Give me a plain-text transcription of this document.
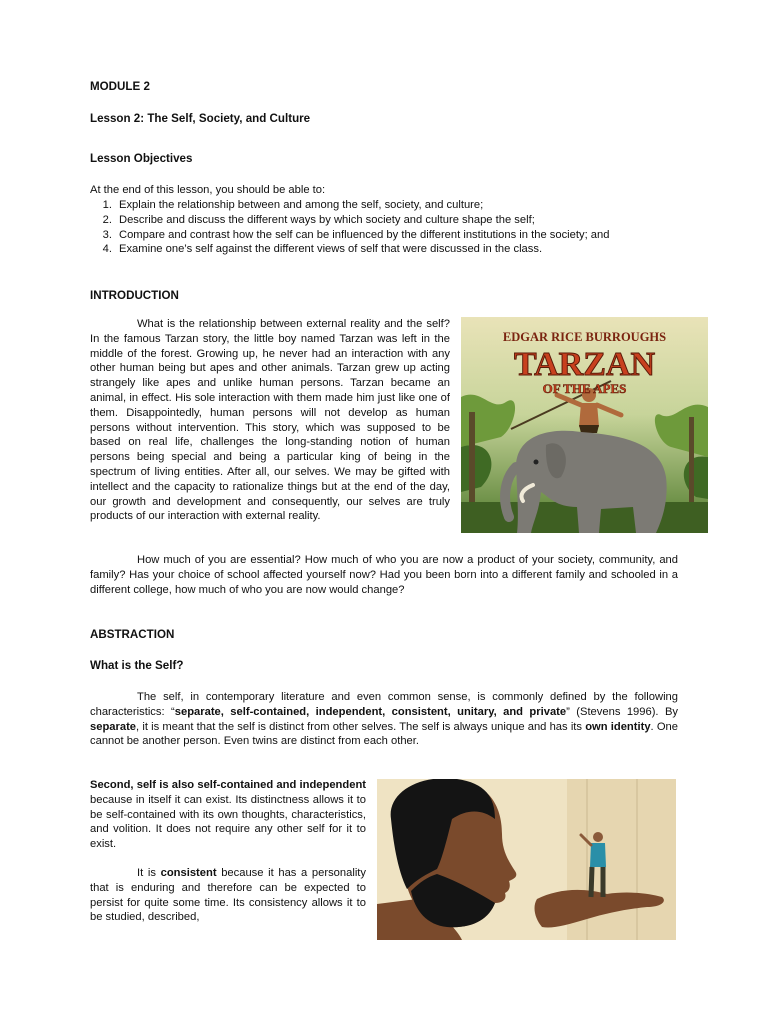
MODULE 2
Lesson 2: The Self, Society, and Culture
Lesson Objectives
At the end of this lesson, you should be able to:
1. Explain the relationship between and among the self, society, and culture;
2. Describe and discuss the different ways by which society and culture shape the self;
3. Compare and contrast how the self can be influenced by the different institutions in the society; and
4. Examine one’s self against the different views of self that were discussed in the class.
INTRODUCTION
What is the relationship between external reality and the self? In the famous Tarzan story, the little boy named Tarzan was left in the middle of the forest. Growing up, he never had an interaction with any other human being but apes and other animals. Tarzan grew up acting strangely like apes and unlike human persons. Tarzan became an animal, in effect. His sole interaction with them made him just like one of them. Disappointedly, human persons will not develop as human persons without intervention. This story, which was supposed to be based on real life, challenges the long-standing notion of human persons being special and being a particular king of being in the spectrum of living entities. After all, our selves. We may be gifted with intellect and the capacity to rationalize things but at the end of the day, our growth and development and consequently, our selves are truly products of our interaction with external reality.
EDGAR RICE BURROUGHS
TARZAN
OF THE APES
How much of you are essential? How much of who you are now a product of your society, community, and family? Has your choice of school affected yourself now? Had you been born into a different family and schooled in a different college, how much of who you are now would change?
ABSTRACTION
What is the Self?
The self, in contemporary literature and even common sense, is commonly defined by the following characteristics: “separate, self-contained, independent, consistent, unitary, and private” (Stevens 1996). By separate, it is meant that the self is distinct from other selves. The self is always unique and has its own identity. One cannot be another person. Even twins are distinct from each other.
Second, self is also self-contained and independent because in itself it can exist. Its distinctness allows it to be self-contained with its own thoughts, characteristics, and volition. It does not require any other self for it to exist.
It is consistent because it has a personality that is enduring and therefore can be expected to persist for quite some time. Its consistency allows it to be studied, described,
